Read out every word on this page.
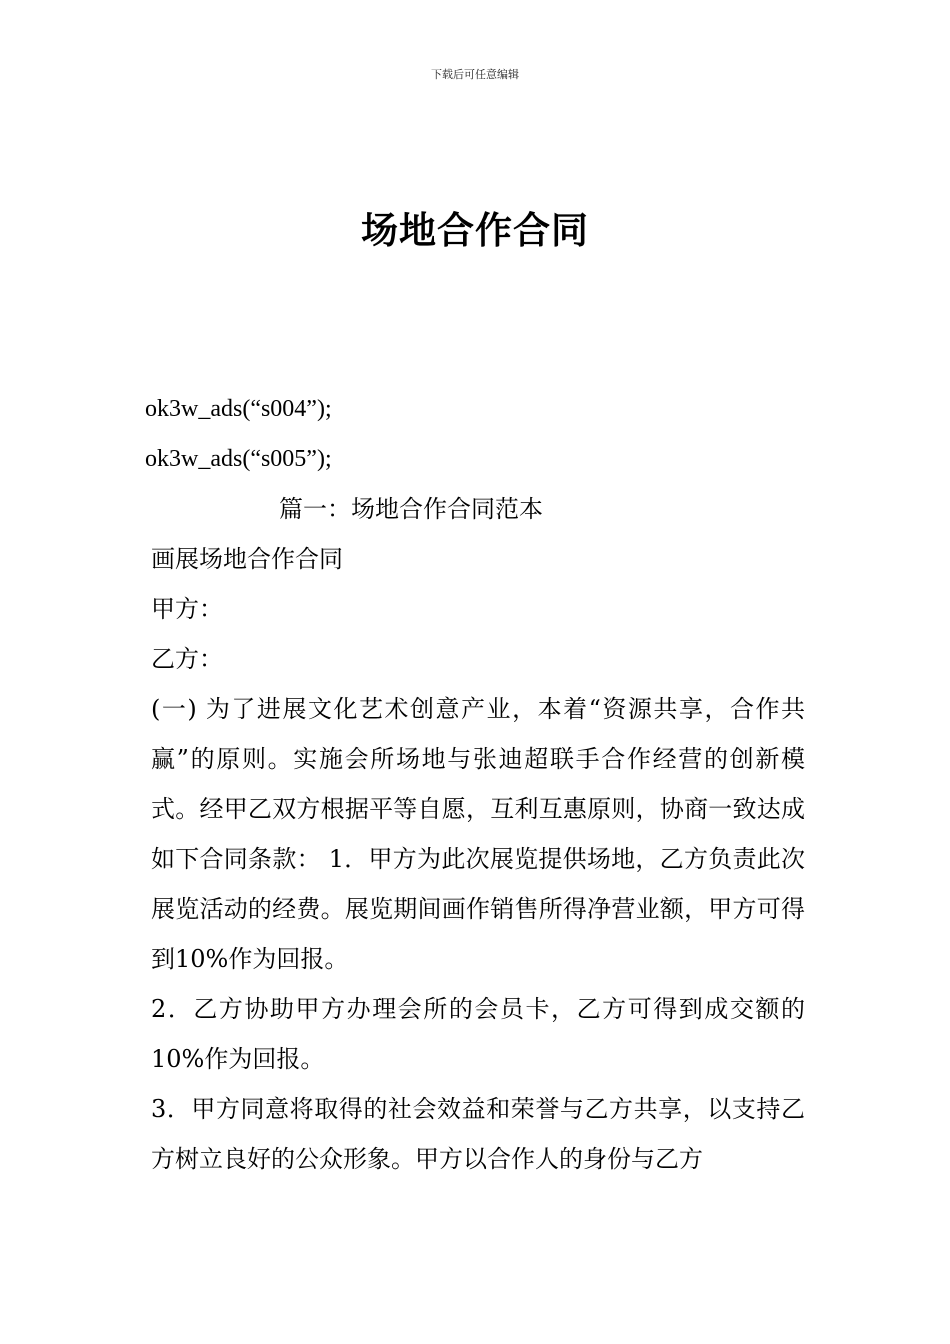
下载后可任意编辑
场地合作合同

ok3w_ads(“s004”);

ok3w_ads(“s005”);

篇一：场地合作合同范本

画展场地合作合同

甲方：

乙方：

(一) 为了进展文化艺术创意产业，本着“资源共享，合作共赢”的原则。实施会所场地与张迪超联手合作经营的创新模式。经甲乙双方根据平等自愿，互利互惠原则，协商一致达成如下合同条款： 1．甲方为此次展览提供场地，乙方负责此次展览活动的经费。展览期间画作销售所得净营业额，甲方可得到10%作为回报。

2．乙方协助甲方办理会所的会员卡，乙方可得到成交额的10%作为回报。

3．甲方同意将取得的社会效益和荣誉与乙方共享，以支持乙方树立良好的公众形象。甲方以合作人的身份与乙方
